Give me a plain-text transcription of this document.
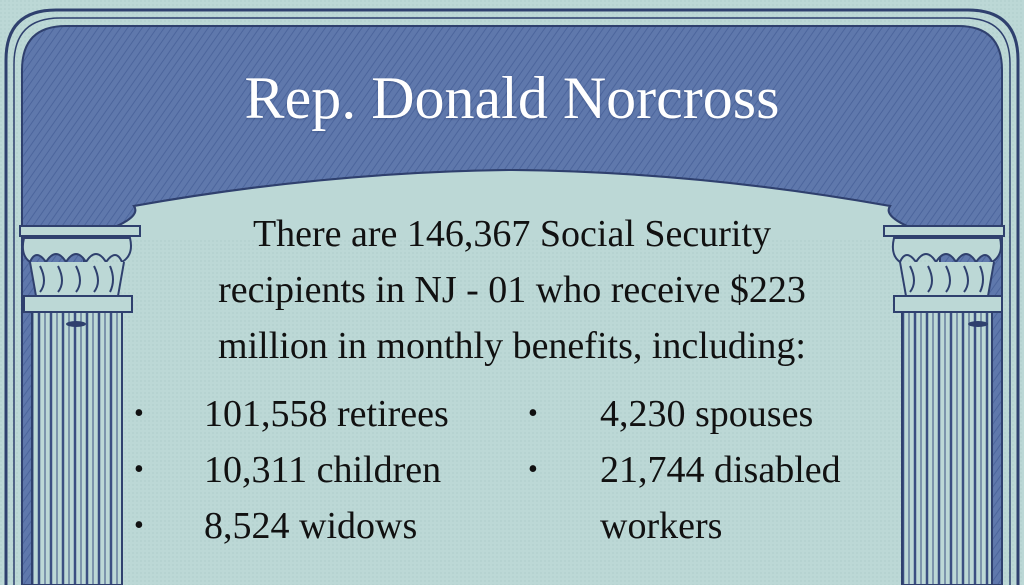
Rep. Donald Norcross

There are 146,367 Social Security

recipients in NJ - 01 who receive $223

million in monthly benefits, including:

• 101,558 retirees
• 10,311 children
• 8,524 widows
• 4,230 spouses
• 21,744 disabled workers
